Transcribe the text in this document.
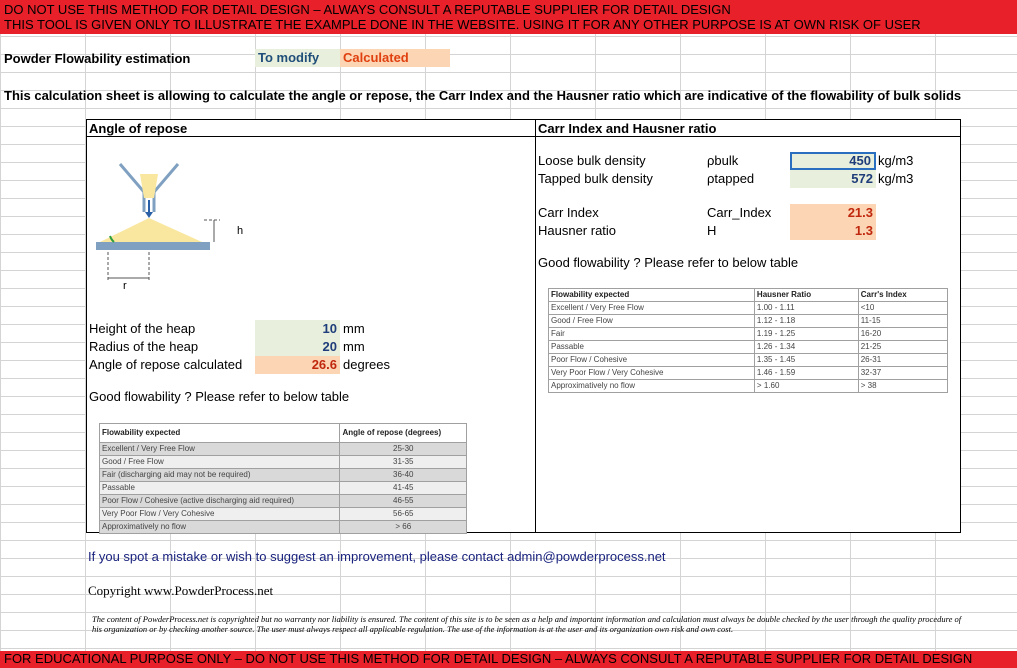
DO NOT USE THIS METHOD FOR DETAIL DESIGN – ALWAYS CONSULT A REPUTABLE SUPPLIER FOR DETAIL DESIGN
THIS TOOL IS GIVEN ONLY TO ILLUSTRATE THE EXAMPLE DONE IN THE WEBSITE. USING IT FOR ANY OTHER PURPOSE IS AT OWN RISK OF USER
Powder Flowability estimation	To modify	Calculated
This calculation sheet is allowing to calculate the angle or repose, the Carr Index and the Hausner ratio which are indicative of the flowability of bulk solids
Angle of repose
h
r
Height of the heap	10 mm
Radius of the heap	20 mm
Angle of repose calculated	26.6 degrees
Good flowability ? Please refer to below table
Flowability expected	Angle of repose (degrees)
Excellent / Very Free Flow	25-30
Good / Free Flow	31-35
Fair (discharging aid may not be required)	36-40
Passable	41-45
Poor Flow / Cohesive (active discharging aid required)	46-55
Very Poor Flow / Very Cohesive	56-65
Approximatively no flow	> 66
Carr Index and Hausner ratio
Loose bulk density	ρbulk	450 kg/m3
Tapped bulk density	ρtapped	572 kg/m3
Carr Index	Carr_Index	21.3
Hausner ratio	H	1.3
Good flowability ? Please refer to below table
Flowability expected	Hausner Ratio	Carr's Index
Excellent / Very Free Flow	1.00 - 1.11	<10
Good / Free Flow	1.12 - 1.18	11-15
Fair	1.19 - 1.25	16-20
Passable	1.26 - 1.34	21-25
Poor Flow / Cohesive	1.35 - 1.45	26-31
Very Poor Flow / Very Cohesive	1.46 - 1.59	32-37
Approximatively no flow	> 1.60	> 38
If you spot a mistake or wish to suggest an improvement, please contact admin@powderprocess.net
Copyright www.PowderProcess.net
The content of PowderProcess.net is copyrighted but no warranty nor liability is ensured. The content of this site is to be seen as a help and important information and calculation must always be double checked by the user through the quality procedure of his organization or by checking another source. The user must always respect all applicable regulation. The use of the information is at the user and its organization own risk and own cost.
FOR EDUCATIONAL PURPOSE ONLY – DO NOT USE THIS METHOD FOR DETAIL DESIGN – ALWAYS CONSULT A REPUTABLE SUPPLIER FOR DETAIL DESIGN
